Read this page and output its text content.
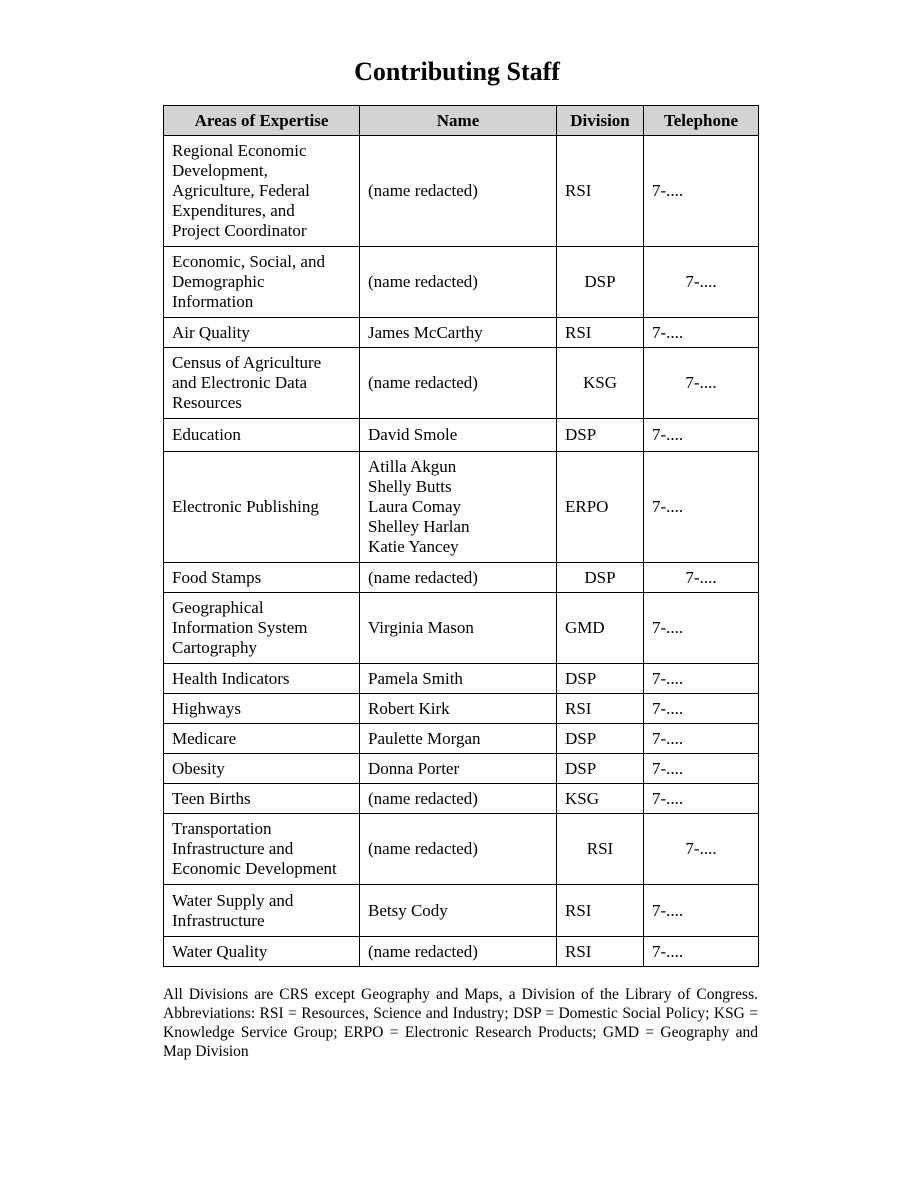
Contributing Staff
Areas of Expertise	Name	Division	Telephone
Regional Economic
Development,
Agriculture, Federal
Expenditures, and
Project Coordinator	(name redacted)	RSI	7-....
Economic, Social, and
Demographic
Information	(name redacted)	DSP	7-....
Air Quality	James McCarthy	RSI	7-....
Census of Agriculture
and Electronic Data
Resources	(name redacted)	KSG	7-....
Education	David Smole	DSP	7-....
Electronic Publishing	Atilla Akgun
Shelly Butts
Laura Comay
Shelley Harlan
Katie Yancey	ERPO	7-....
Food Stamps	(name redacted)	DSP	7-....
Geographical
Information System
Cartography	Virginia Mason	GMD	7-....
Health Indicators	Pamela Smith	DSP	7-....
Highways	Robert Kirk	RSI	7-....
Medicare	Paulette Morgan	DSP	7-....
Obesity	Donna Porter	DSP	7-....
Teen Births	(name redacted)	KSG	7-....
Transportation
Infrastructure and
Economic Development	(name redacted)	RSI	7-....
Water Supply and
Infrastructure	Betsy Cody	RSI	7-....
Water Quality	(name redacted)	RSI	7-....
All Divisions are CRS except Geography and Maps, a Division of the Library of Congress. Abbreviations: RSI = Resources, Science and Industry; DSP = Domestic Social Policy; KSG = Knowledge Service Group; ERPO = Electronic Research Products; GMD = Geography and Map Division
